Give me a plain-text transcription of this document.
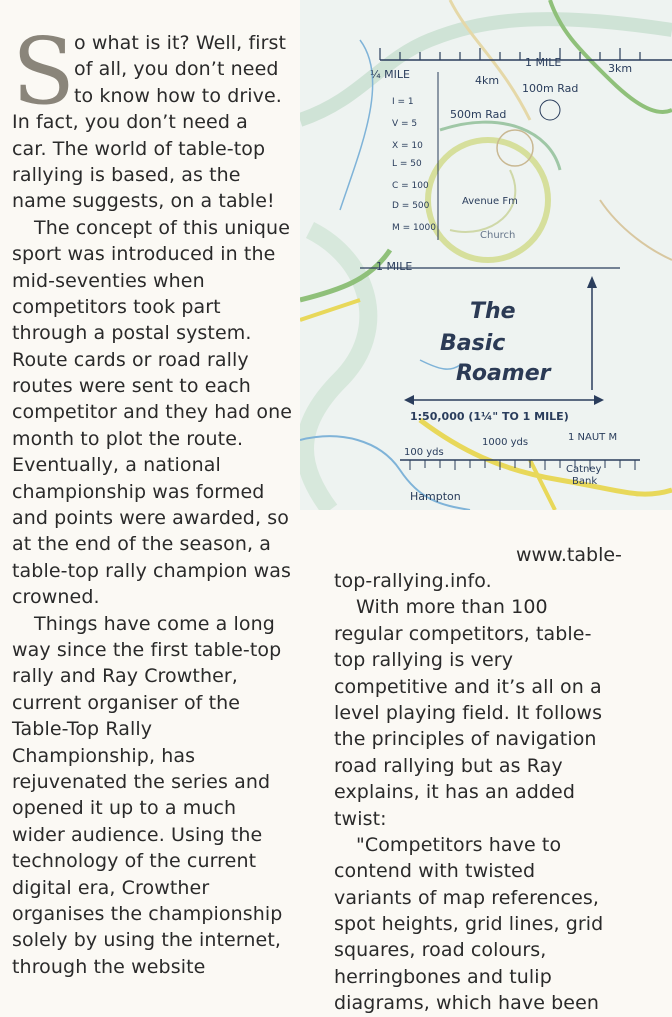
¼ MILE	4km
1 MILE	3km
100m Rad
500m Rad
I = 1
V = 5
X = 10
L = 50
C = 100
D = 500
M = 1000
Avenue Fm
Church
1 MILE
The
Basic
Roamer
1:50,000 (1¼" TO 1 MILE)
100 yds
1000 yds	1 NAUT M
Hampton
Catney
Bank
S
o what is it? Well, first
of all, you don’t need
to know how to drive.
In fact, you don’t need a
car. The world of table-top
rallying is based, as the
name suggests, on a table!
The concept of this unique
sport was introduced in the
mid-seventies when
competitors took part
through a postal system.
Route cards or road rally
routes were sent to each
competitor and they had one
month to plot the route.
Eventually, a national
championship was formed
and points were awarded, so
at the end of the season, a
table-top rally champion was
crowned.
Things have come a long
way since the first table-top
rally and Ray Crowther,
current organiser of the
Table-Top Rally
Championship, has
rejuvenated the series and
opened it up to a much
wider audience. Using the
technology of the current
digital era, Crowther
organises the championship
solely by using the internet,
through the website
www.table-
top-rallying.info.
With more than 100
regular competitors, table-
top rallying is very
competitive and it’s all on a
level playing field. It follows
the principles of navigation
road rallying but as Ray
explains, it has an added
twist:
"Competitors have to
contend with twisted
variants of map references,
spot heights, grid lines, grid
squares, road colours,
herringbones and tulip
diagrams, which have been
